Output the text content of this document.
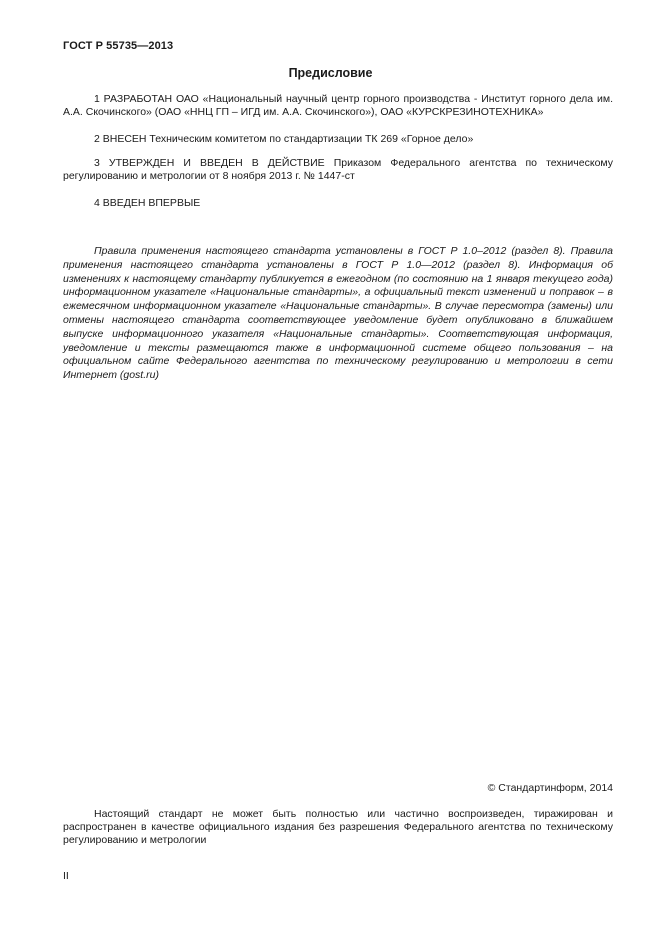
ГОСТ Р 55735—2013
Предисловие

1 РАЗРАБОТАН ОАО «Национальный научный центр горного производства - Институт горного дела им. А.А. Скочинского» (ОАО «ННЦ ГП – ИГД им. А.А. Скочинского»), ОАО «КУРСКРЕЗИНОТЕХНИКА»

2 ВНЕСЕН Техническим комитетом по стандартизации ТК 269 «Горное дело»

3 УТВЕРЖДЕН И ВВЕДЕН В ДЕЙСТВИЕ Приказом Федерального агентства по техническому регулированию и метрологии от 8 ноября 2013 г. № 1447-ст

4 ВВЕДЕН ВПЕРВЫЕ

Правила применения настоящего стандарта установлены в ГОСТ Р 1.0–2012 (раздел 8). Правила применения настоящего стандарта установлены в ГОСТ Р 1.0—2012 (раздел 8). Информация об изменениях к настоящему стандарту публикуется в ежегодном (по состоянию на 1 января текущего года) информационном указателе «Национальные стандарты», а официальный текст изменений и поправок – в ежемесячном информационном указателе «Национальные стандарты». В случае пересмотра (замены) или отмены настоящего стандарта соответствующее уведомление будет опубликовано в ближайшем выпуске информационного указателя «Национальные стандарты». Соответствующая информация, уведомление и тексты размещаются также в информационной системе общего пользования – на официальном сайте Федерального агентства по техническому регулированию и метрологии в сети Интернет (gost.ru)

© Стандартинформ, 2014

Настоящий стандарт не может быть полностью или частично воспроизведен, тиражирован и распространен в качестве официального издания без разрешения Федерального агентства по техническому регулированию и метрологии

II
